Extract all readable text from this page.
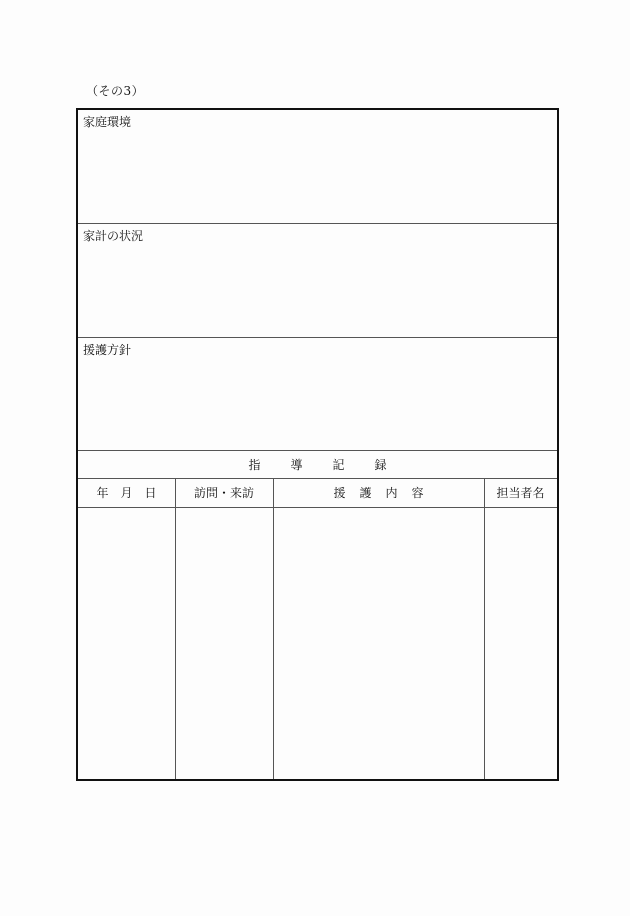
（その3）
家庭環境
家計の状況
援護方針
指導記録
年月日	訪問・来訪	援護内容	担当者名
